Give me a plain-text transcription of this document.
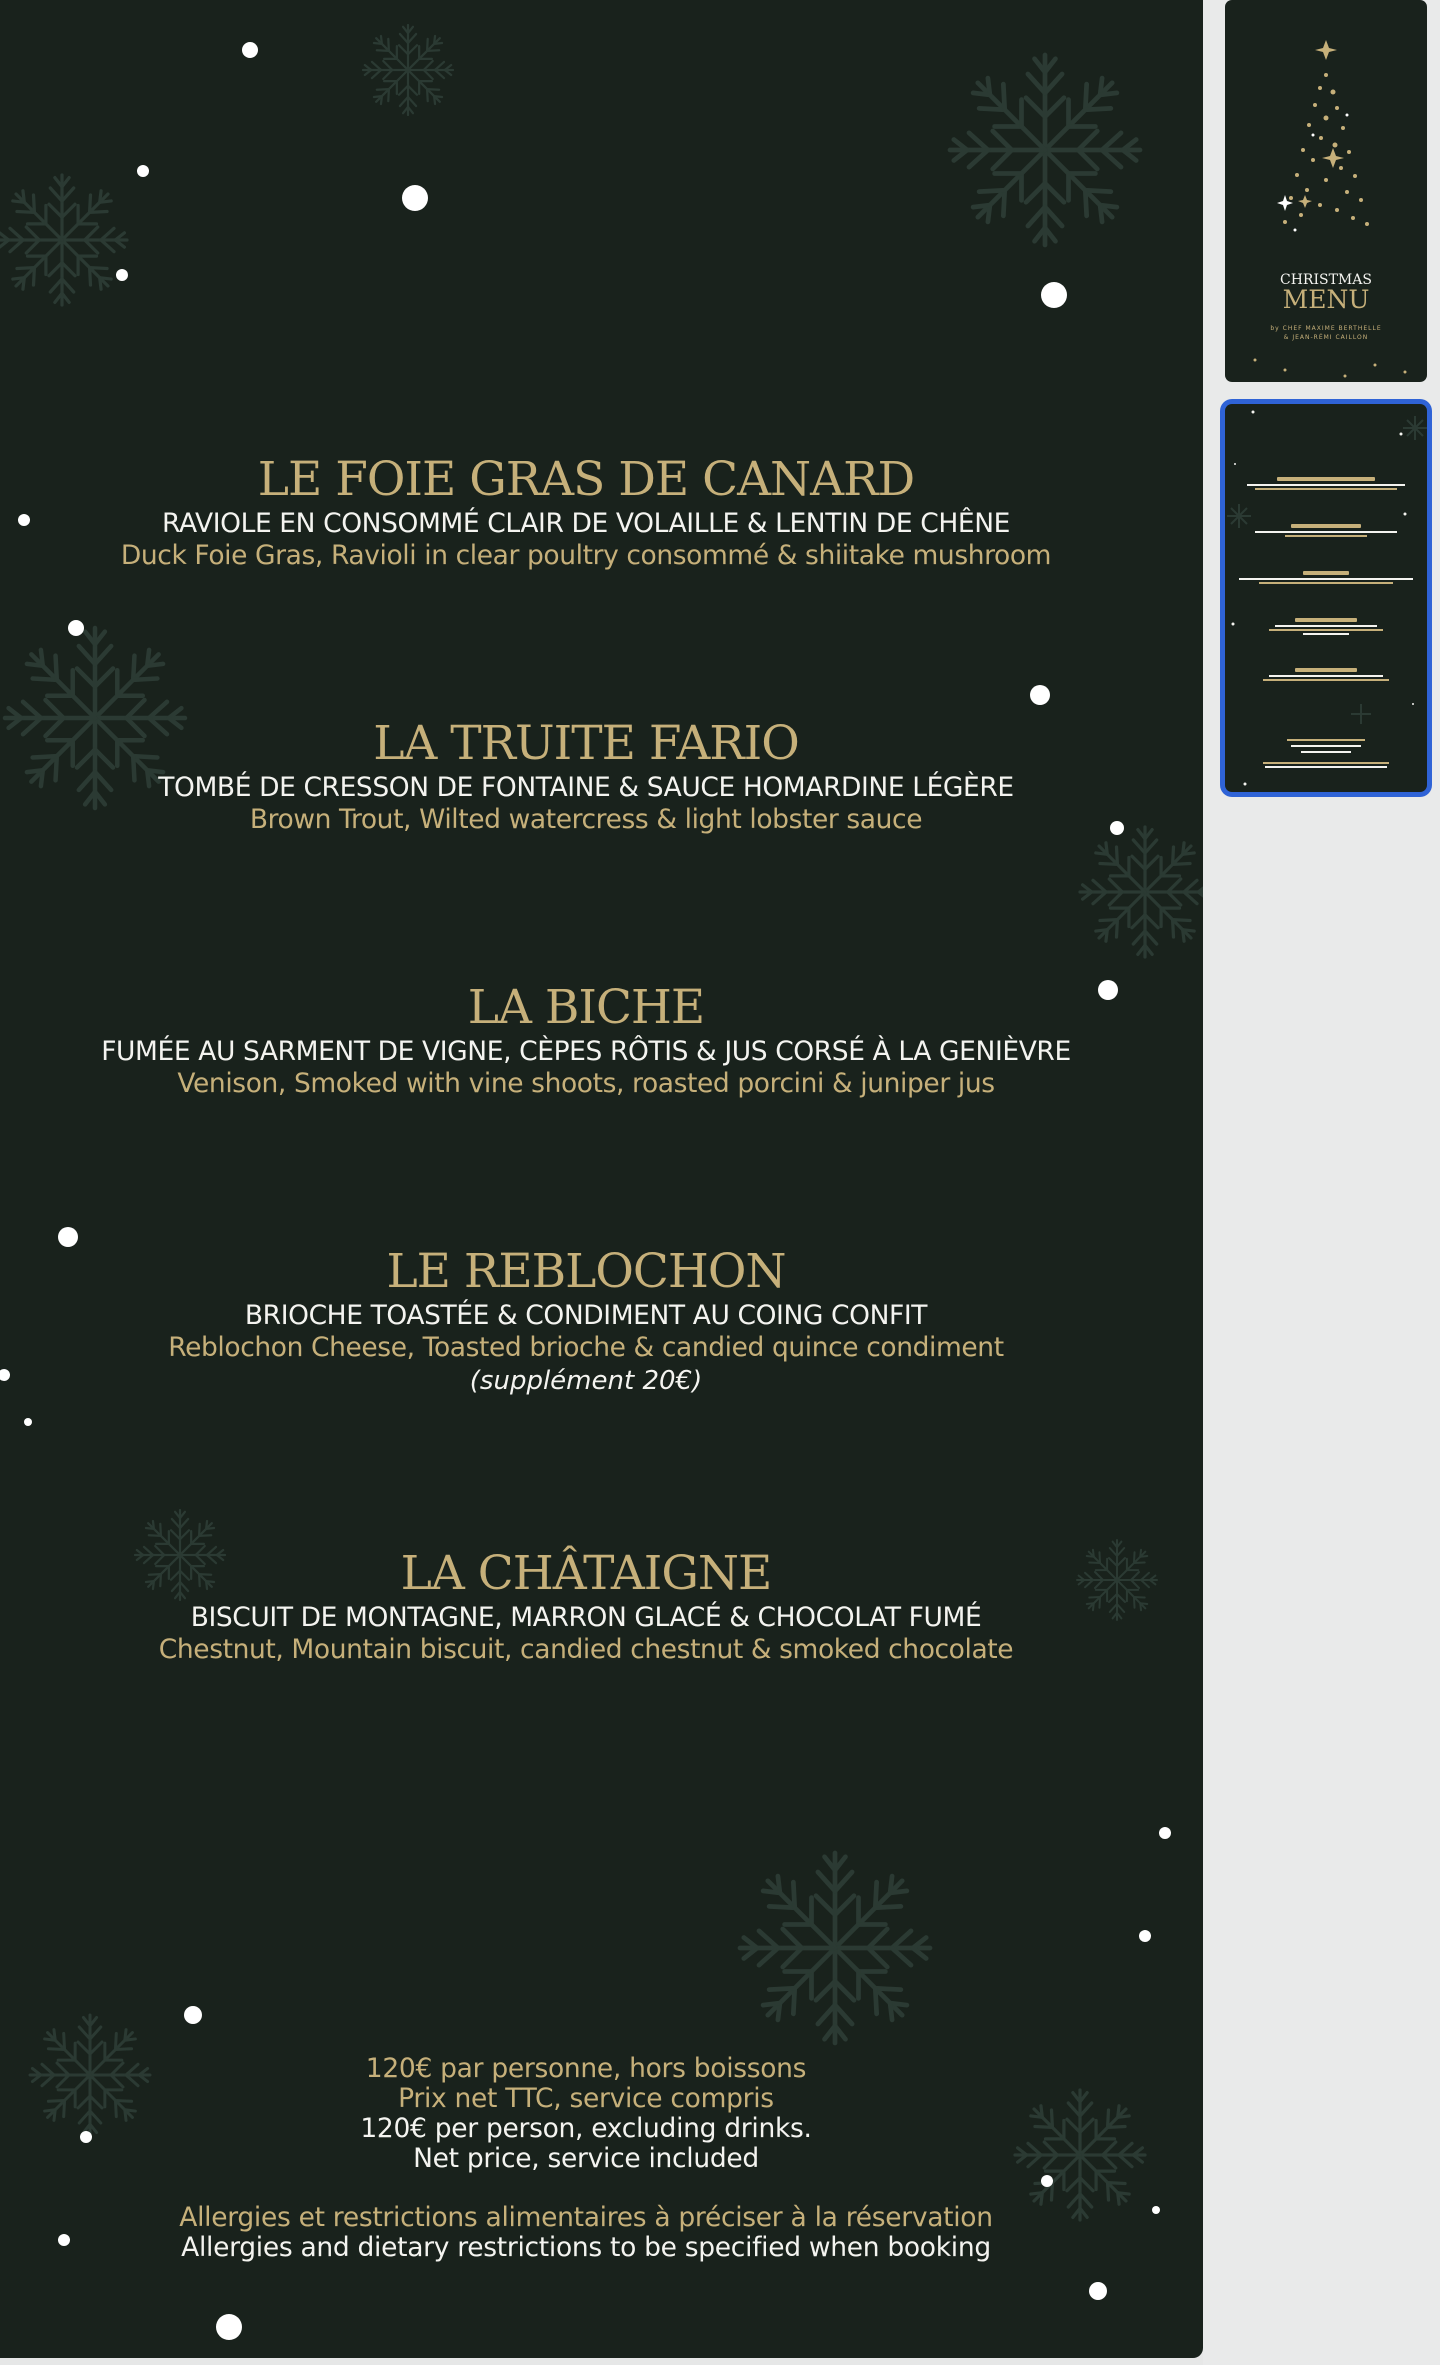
LE FOIE GRAS DE CANARD
RAVIOLE EN CONSOMMÉ CLAIR DE VOLAILLE & LENTIN DE CHÊNE
Duck Foie Gras, Ravioli in clear poultry consommé & shiitake mushroom
LA TRUITE FARIO
TOMBÉ DE CRESSON DE FONTAINE & SAUCE HOMARDINE LÉGÈRE
Brown Trout, Wilted watercress & light lobster sauce
LA BICHE
FUMÉE AU SARMENT DE VIGNE, CÈPES RÔTIS & JUS CORSÉ À LA GENIÈVRE
Venison, Smoked with vine shoots, roasted porcini & juniper jus
LE REBLOCHON
BRIOCHE TOASTÉE & CONDIMENT AU COING CONFIT
Reblochon Cheese, Toasted brioche & candied quince condiment
(supplément 20€)
LA CHÂTAIGNE
BISCUIT DE MONTAGNE, MARRON GLACÉ & CHOCOLAT FUMÉ
Chestnut, Mountain biscuit, candied chestnut & smoked chocolate
120€ par personne, hors boissons
Prix net TTC, service compris
120€ per person, excluding drinks.
Net price, service included
Allergies et restrictions alimentaires à préciser à la réservation
Allergies and dietary restrictions to be specified when booking
CHRISTMAS
MENU
by CHEF MAXIME BERTHELLE
& JEAN-RÉMI CAILLON
